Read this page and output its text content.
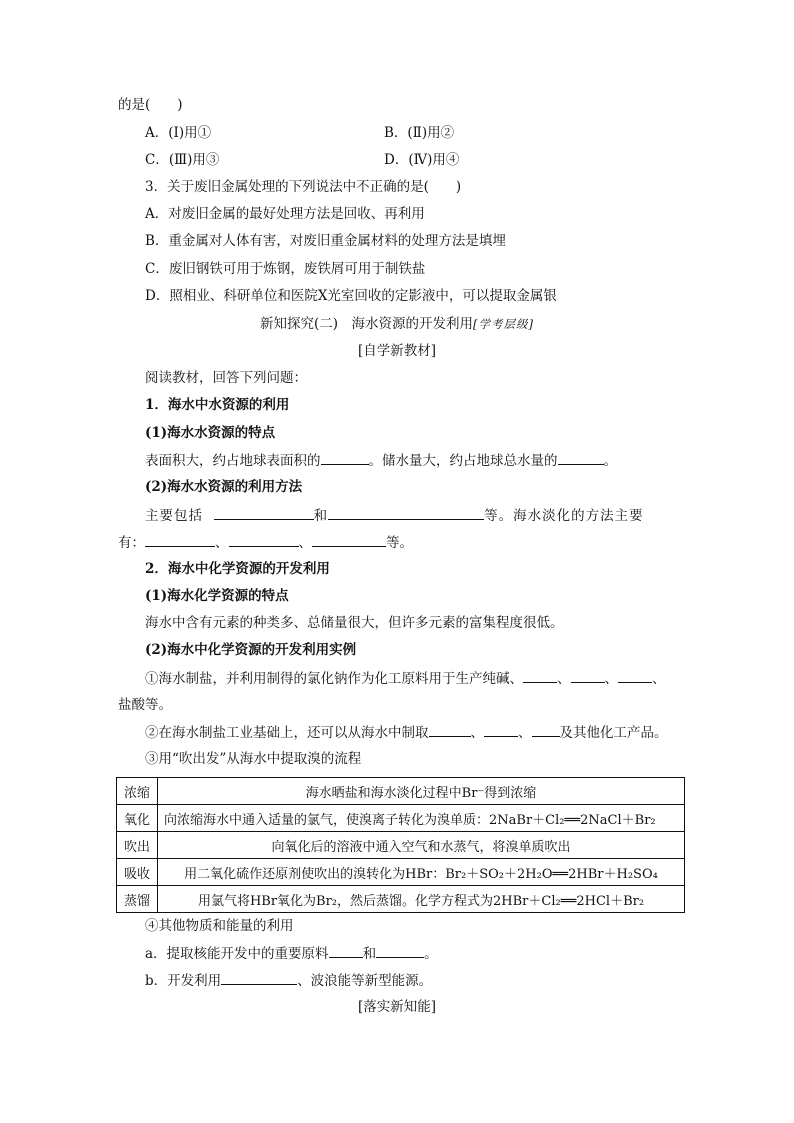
的是(　　)
A．(Ⅰ)用①	B．(Ⅱ)用②
C．(Ⅲ)用③	D．(Ⅳ)用④
3．关于废旧金属处理的下列说法中不正确的是(　　)
A．对废旧金属的最好处理方法是回收、再利用
B．重金属对人体有害，对废旧重金属材料的处理方法是填埋
C．废旧钢铁可用于炼钢，废铁屑可用于制铁盐
D．照相业、科研单位和医院X光室回收的定影液中，可以提取金属银
新知探究(二)　海水资源的开发利用[学考层级]
[自学新教材]
阅读教材，回答下列问题：
1．海水中水资源的利用
(1)海水水资源的特点
表面积大，约占地球表面积的	。储水量大，约占地球总水量的	。
(2)海水水资源的利用方法
主要包括	和	等。海水淡化的方法主要
有：	、	、	等。
2．海水中化学资源的开发利用
(1)海水化学资源的特点
海水中含有元素的种类多、总储量很大，但许多元素的富集程度很低。
(2)海水中化学资源的开发利用实例
①海水制盐，并利用制得的氯化钠作为化工原料用于生产纯碱、	、	、	、
盐酸等。
②在海水制盐工业基础上，还可以从海水中制取	、	、 及其他化工产品。
③用“吹出发”从海水中提取溴的流程
浓缩	海水晒盐和海水淡化过程中Br⁻得到浓缩
氧化	向浓缩海水中通入适量的氯气，使溴离子转化为溴单质：2NaBr＋Cl₂══2NaCl＋Br₂
吹出	向氧化后的溶液中通入空气和水蒸气，将溴单质吹出
吸收	用二氧化硫作还原剂使吹出的溴转化为HBr：Br₂＋SO₂＋2H₂O══2HBr＋H₂SO₄
蒸馏	用氯气将HBr氧化为Br₂，然后蒸馏。化学方程式为2HBr＋Cl₂══2HCl＋Br₂
④其他物质和能量的利用
a．提取核能开发中的重要原料	和	。
b．开发利用	、波浪能等新型能源。
[落实新知能]
